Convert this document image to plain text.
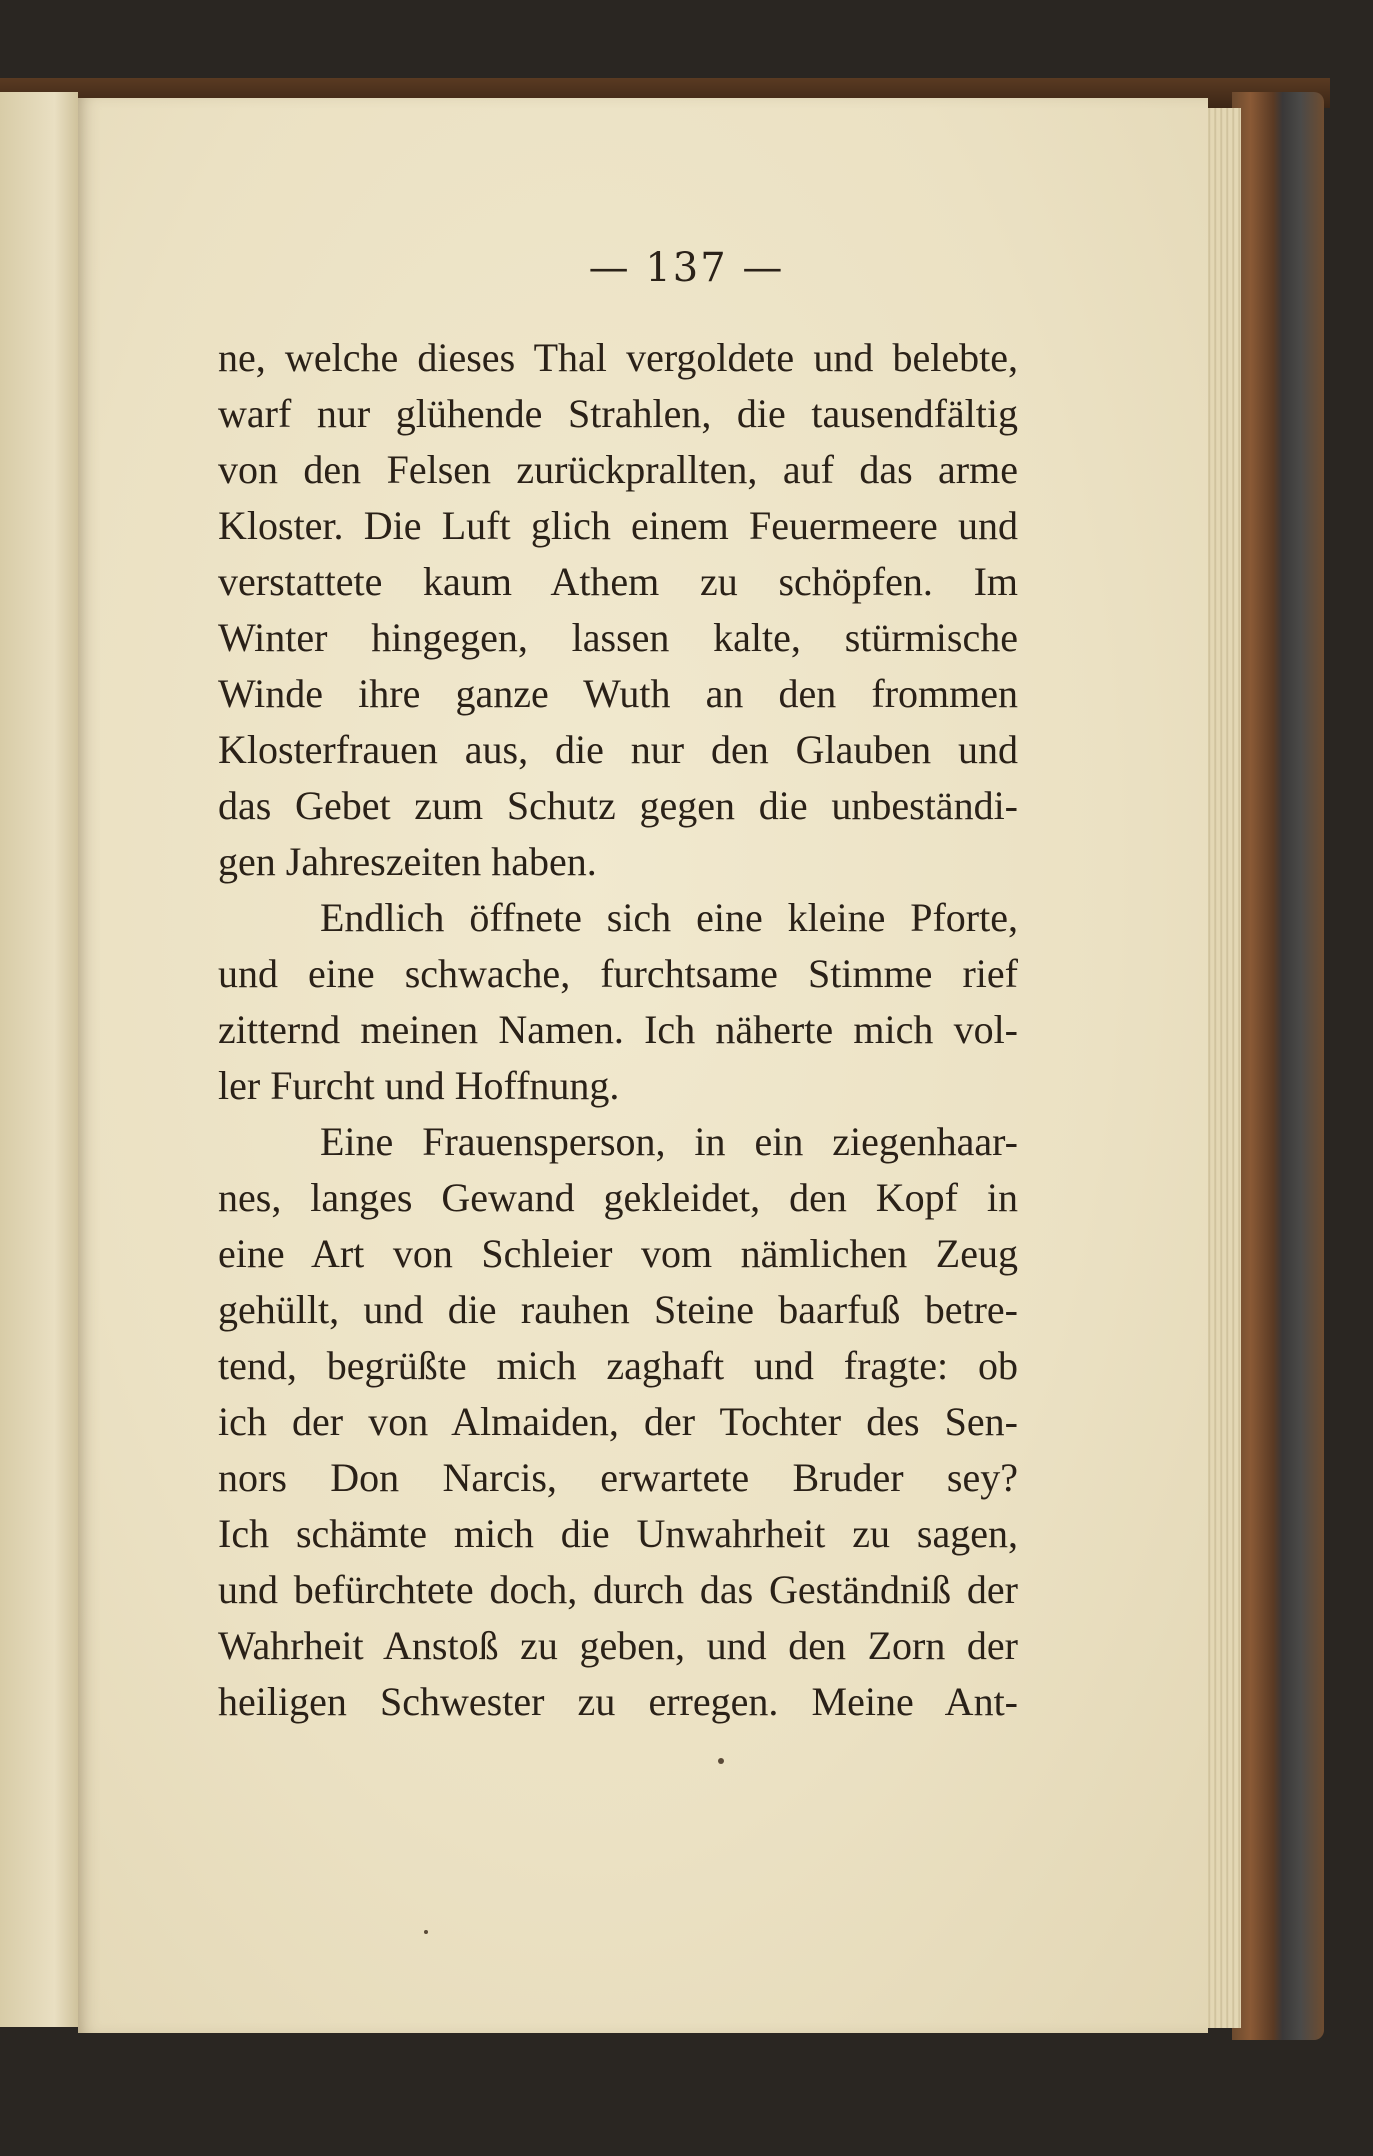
— 137 —
ne, welche dieses Thal vergoldete und belebte,
warf nur glühende Strahlen, die tausendfältig
von den Felsen zurückprallten, auf das arme
Kloster. Die Luft glich einem Feuermeere und
verstattete kaum Athem zu schöpfen. Im
Winter hingegen, lassen kalte, stürmische
Winde ihre ganze Wuth an den frommen
Klosterfrauen aus, die nur den Glauben und
das Gebet zum Schutz gegen die unbeständi-
gen Jahreszeiten haben.
Endlich öffnete sich eine kleine Pforte,
und eine schwache, furchtsame Stimme rief
zitternd meinen Namen. Ich näherte mich vol-
ler Furcht und Hoffnung.
Eine Frauensperson, in ein ziegenhaar-
nes, langes Gewand gekleidet, den Kopf in
eine Art von Schleier vom nämlichen Zeug
gehüllt, und die rauhen Steine baarfuß betre-
tend, begrüßte mich zaghaft und fragte: ob
ich der von Almaiden, der Tochter des Sen-
nors Don Narcis, erwartete Bruder sey?
Ich schämte mich die Unwahrheit zu sagen,
und befürchtete doch, durch das Geständniß der
Wahrheit Anstoß zu geben, und den Zorn der
heiligen Schwester zu erregen. Meine Ant-
